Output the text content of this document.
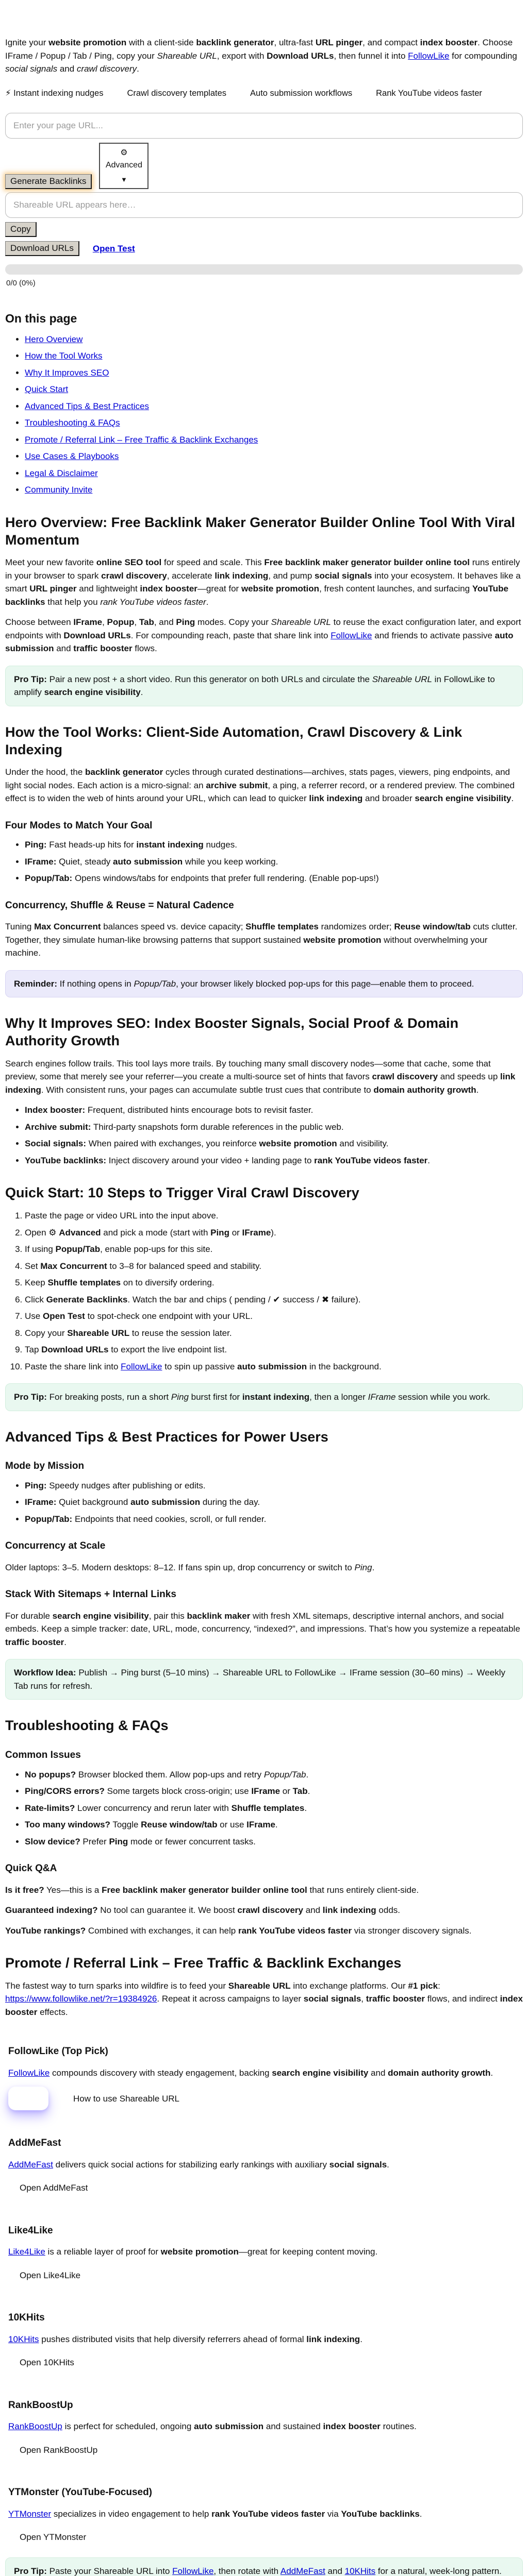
Ignite your website promotion with a client-side backlink generator, ultra-fast URL pinger, and compact index booster. Choose IFrame / Popup / Tab / Ping, copy your Shareable URL, export with Download URLs, then funnel it into FollowLike for compounding social signals and crawl discovery.

⚡ Instant indexing nudges	Crawl discovery templates	Auto submission workflows	Rank YouTube videos faster
Enter your page URL...
Generate Backlinks
⚙ Advanced
▼
Shareable URL appears here…
Copy
Download URLs	Open Test
0/0 (0%)
On this page
• Hero Overview
• How the Tool Works
• Why It Improves SEO
• Quick Start
• Advanced Tips & Best Practices
• Troubleshooting & FAQs
• Promote / Referral Link – Free Traffic & Backlink Exchanges
• Use Cases & Playbooks
• Legal & Disclaimer
• Community Invite
Hero Overview: Free Backlink Maker Generator Builder Online Tool With Viral Momentum

Meet your new favorite online SEO tool for speed and scale. This Free backlink maker generator builder online tool runs entirely in your browser to spark crawl discovery, accelerate link indexing, and pump social signals into your ecosystem. It behaves like a smart URL pinger and lightweight index booster—great for website promotion, fresh content launches, and surfacing YouTube backlinks that help you rank YouTube videos faster.

Choose between IFrame, Popup, Tab, and Ping modes. Copy your Shareable URL to reuse the exact configuration later, and export endpoints with Download URLs. For compounding reach, paste that share link into FollowLike and friends to activate passive auto submission and traffic booster flows.

Pro Tip: Pair a new post + a short video. Run this generator on both URLs and circulate the Shareable URL in FollowLike to amplify search engine visibility.
How the Tool Works: Client-Side Automation, Crawl Discovery & Link Indexing

Under the hood, the backlink generator cycles through curated destinations—archives, stats pages, viewers, ping endpoints, and light social nodes. Each action is a micro-signal: an archive submit, a ping, a referrer record, or a rendered preview. The combined effect is to widen the web of hints around your URL, which can lead to quicker link indexing and broader search engine visibility.

Four Modes to Match Your Goal
• Ping: Fast heads-up hits for instant indexing nudges.
• IFrame: Quiet, steady auto submission while you keep working.
• Popup/Tab: Opens windows/tabs for endpoints that prefer full rendering. (Enable pop-ups!)
Concurrency, Shuffle & Reuse = Natural Cadence

Tuning Max Concurrent balances speed vs. device capacity; Shuffle templates randomizes order; Reuse window/tab cuts clutter. Together, they simulate human-like browsing patterns that support sustained website promotion without overwhelming your machine.

Reminder: If nothing opens in Popup/Tab, your browser likely blocked pop-ups for this page—enable them to proceed.
Why It Improves SEO: Index Booster Signals, Social Proof & Domain Authority Growth

Search engines follow trails. This tool lays more trails. By touching many small discovery nodes—some that cache, some that preview, some that merely see your referrer—you create a multi-source set of hints that favors crawl discovery and speeds up link indexing. With consistent runs, your pages can accumulate subtle trust cues that contribute to domain authority growth.

• Index booster: Frequent, distributed hints encourage bots to revisit faster.
• Archive submit: Third-party snapshots form durable references in the public web.
• Social signals: When paired with exchanges, you reinforce website promotion and visibility.
• YouTube backlinks: Inject discovery around your video + landing page to rank YouTube videos faster.
Quick Start: 10 Steps to Trigger Viral Crawl Discovery
1. Paste the page or video URL into the input above.
2. Open ⚙ Advanced and pick a mode (start with Ping or IFrame).
3. If using Popup/Tab, enable pop-ups for this site.
4. Set Max Concurrent to 3–8 for balanced speed and stability.
5. Keep Shuffle templates on to diversify ordering.
6. Click Generate Backlinks. Watch the bar and chips ( pending / ✔ success / ✖ failure).
7. Use Open Test to spot-check one endpoint with your URL.
8. Copy your Shareable URL to reuse the session later.
9. Tap Download URLs to export the live endpoint list.
10. Paste the share link into FollowLike to spin up passive auto submission in the background.
Pro Tip: For breaking posts, run a short Ping burst first for instant indexing, then a longer IFrame session while you work.
Advanced Tips & Best Practices for Power Users
Mode by Mission
• Ping: Speedy nudges after publishing or edits.
• IFrame: Quiet background auto submission during the day.
• Popup/Tab: Endpoints that need cookies, scroll, or full render.
Concurrency at Scale

Older laptops: 3–5. Modern desktops: 8–12. If fans spin up, drop concurrency or switch to Ping.

Stack With Sitemaps + Internal Links

For durable search engine visibility, pair this backlink maker with fresh XML sitemaps, descriptive internal anchors, and social embeds. Keep a simple tracker: date, URL, mode, concurrency, “indexed?”, and impressions. That’s how you systemize a repeatable traffic booster.

Workflow Idea: Publish → Ping burst (5–10 mins) → Shareable URL to FollowLike → IFrame session (30–60 mins) → Weekly Tab runs for refresh.
Troubleshooting & FAQs
Common Issues
• No popups? Browser blocked them. Allow pop-ups and retry Popup/Tab.
• Ping/CORS errors? Some targets block cross-origin; use IFrame or Tab.
• Rate-limits? Lower concurrency and rerun later with Shuffle templates.
• Too many windows? Toggle Reuse window/tab or use IFrame.
• Slow device? Prefer Ping mode or fewer concurrent tasks.
Quick Q&A

Is it free? Yes—this is a Free backlink maker generator builder online tool that runs entirely client-side.

Guaranteed indexing? No tool can guarantee it. We boost crawl discovery and link indexing odds.

YouTube rankings? Combined with exchanges, it can help rank YouTube videos faster via stronger discovery signals.

Promote / Referral Link – Free Traffic & Backlink Exchanges

The fastest way to turn sparks into wildfire is to feed your Shareable URL into exchange platforms. Our #1 pick: https://www.followlike.net/?r=19384926. Repeat it across campaigns to layer social signals, traffic booster flows, and indirect index booster effects.

FollowLike (Top Pick)

FollowLike compounds discovery with steady engagement, backing search engine visibility and domain authority growth.

How to use Shareable URL
AddMeFast

AddMeFast delivers quick social actions for stabilizing early rankings with auxiliary social signals.

Open AddMeFast
Like4Like

Like4Like is a reliable layer of proof for website promotion—great for keeping content moving.

Open Like4Like
10KHits

10KHits pushes distributed visits that help diversify referrers ahead of formal link indexing.

Open 10KHits
RankBoostUp

RankBoostUp is perfect for scheduled, ongoing auto submission and sustained index booster routines.

Open RankBoostUp
YTMonster (YouTube-Focused)

YTMonster specializes in video engagement to help rank YouTube videos faster via YouTube backlinks.

Open YTMonster
Pro Tip: Paste your Shareable URL into FollowLike, then rotate with AddMeFast and 10KHits for a natural, week-long pattern.
